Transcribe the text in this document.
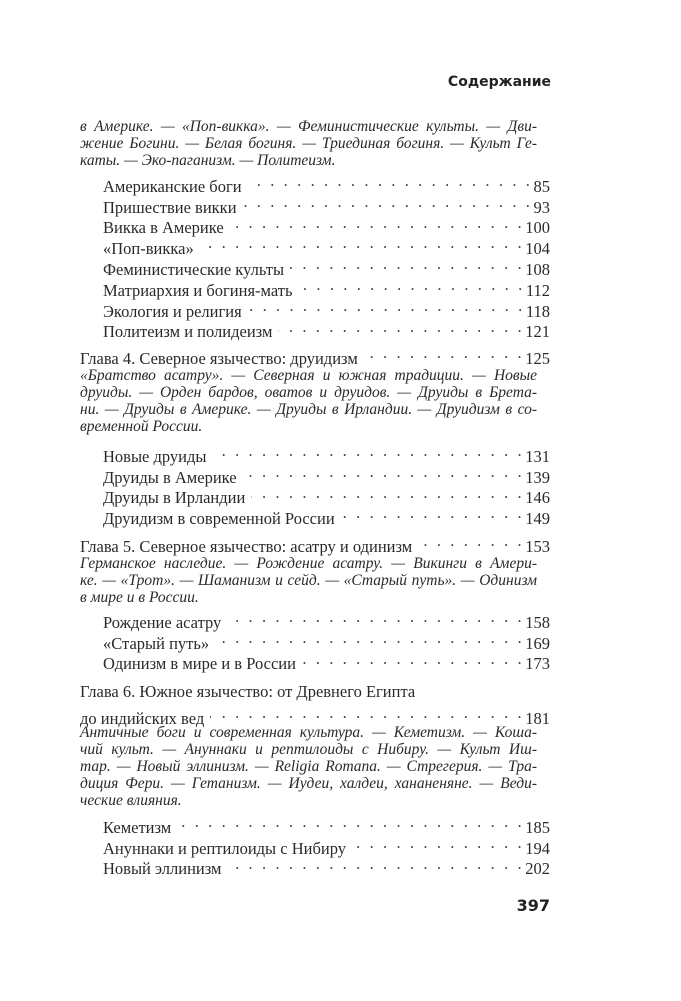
Содержание
в Америке. — «Поп-викка». — Феминистические культы. — Дви-
жение Богини. — Белая богиня. — Триединая богиня. — Культ Ге-
каты. — Эко-паганизм. — Политеизм.
Американские боги . . .	85
Пришествие викки . . .	93
Викка в Америке . . .	100
«Поп-викка» . . .	104
Феминистические культы . . .	108
Матриархия и богиня-мать . . .	112
Экология и религия . . .	118
Политеизм и полидеизм . . .	121
Глава 4. Северное язычество: друидизм . . .	125
«Братство асатру». — Северная и южная традиции. — Новые
друиды. — Орден бардов, оватов и друидов. — Друиды в Брета-
ни. — Друиды в Америке. — Друиды в Ирландии. — Друидизм в со-
временной России.
Новые друиды . . .	131
Друиды в Америке . . .	139
Друиды в Ирландии . . .	146
Друидизм в современной России . . .	149
Глава 5. Северное язычество: асатру и одинизм . . .	153
Германское наследие. — Рождение асатру. — Викинги в Амери-
ке. — «Трот». — Шаманизм и сейд. — «Старый путь». — Одинизм
в мире и в России.
Рождение асатру . . .	158
«Старый путь» . . .	169
Одинизм в мире и в России . . .	173
Глава 6. Южное язычество: от Древнего Египта
до индийских вед . . .	181
Античные боги и современная культура. — Кеметизм. — Коша-
чий культ. — Ануннаки и рептилоиды с Нибиру. — Культ Иш-
тар. — Новый эллинизм. — Religia Romana. — Стрегерия. — Тра-
диция Фери. — Гетанизм. — Иудеи, халдеи, хананеняне. — Веди-
ческие влияния.
Кеметизм . . .	185
Ануннаки и рептилоиды с Нибиру . . .	194
Новый эллинизм . . .	202
397
